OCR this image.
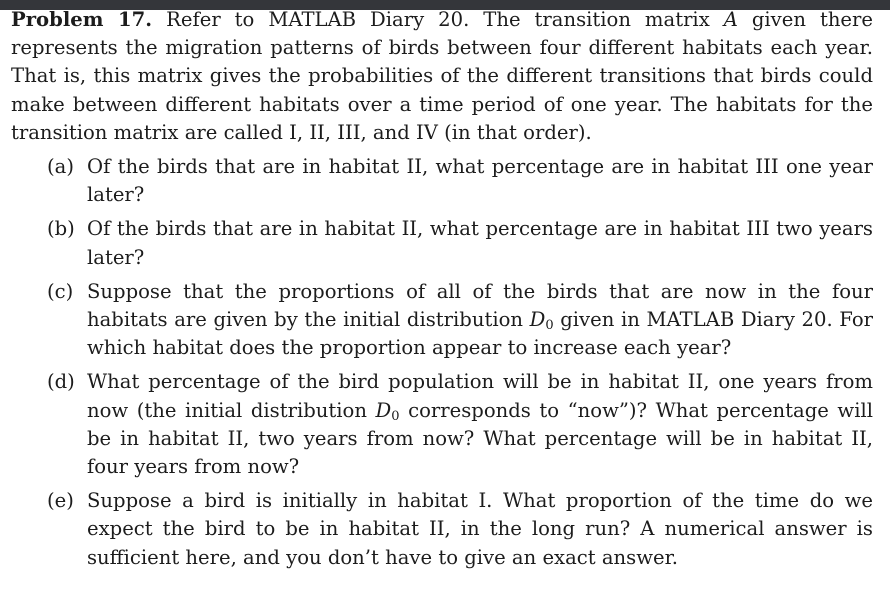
Problem 17. Refer to MATLAB Diary 20. The transition matrix A given there represents the migration patterns of birds between four different habitats each year. That is, this matrix gives the probabilities of the different transitions that birds could make between different habitats over a time period of one year. The habitats for the transition matrix are called I, II, III, and IV (in that order).
(a) Of the birds that are in habitat II, what percentage are in habitat III one year later?
(b) Of the birds that are in habitat II, what percentage are in habitat III two years later?
(c) Suppose that the proportions of all of the birds that are now in the four habitats are given by the initial distribution $D_0$ given in MATLAB Diary 20. For which habitat does the proportion appear to increase each year?
(d) What percentage of the bird population will be in habitat II, one years from now (the initial distribution $D_0$ corresponds to “now”)? What percentage will be in habitat II, two years from now? What percentage will be in habitat II, four years from now?
(e) Suppose a bird is initially in habitat I. What proportion of the time do we expect the bird to be in habitat II, in the long run? A numerical answer is sufficient here, and you don’t have to give an exact answer.
